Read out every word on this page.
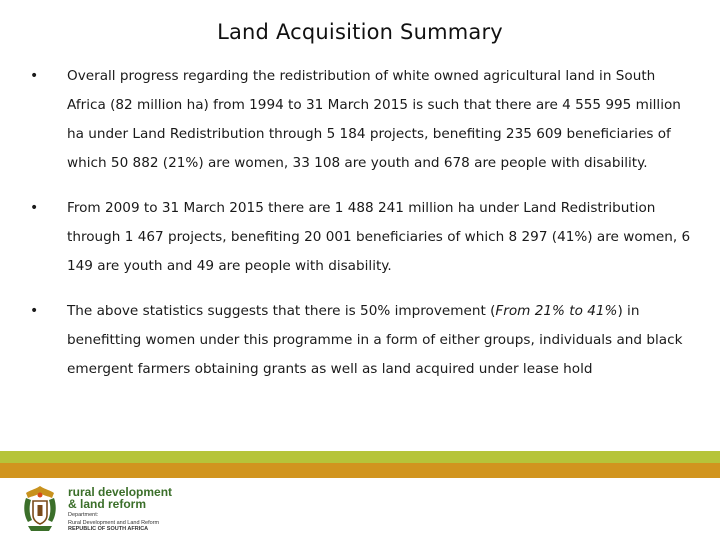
Land Acquisition Summary
• Overall progress regarding the redistribution of white owned agricultural land in South Africa (82 million ha) from 1994 to 31 March 2015 is such that there are 4 555 995 million ha under Land Redistribution through 5 184 projects, benefiting 235 609 beneficiaries of which 50 882 (21%) are women, 33 108 are youth and 678 are people with disability.
• From 2009 to 31 March 2015 there are 1 488 241 million ha under Land Redistribution through 1 467 projects, benefiting 20 001 beneficiaries of which 8 297 (41%) are women, 6 149 are youth and 49 are people with disability.
• The above statistics suggests that there is 50% improvement (From 21% to 41%) in benefitting women under this programme in a form of either groups, individuals and black emergent farmers obtaining grants as well as land acquired under lease hold
rural development
& land reform
Department:
Rural Development and Land Reform
REPUBLIC OF SOUTH AFRICA
